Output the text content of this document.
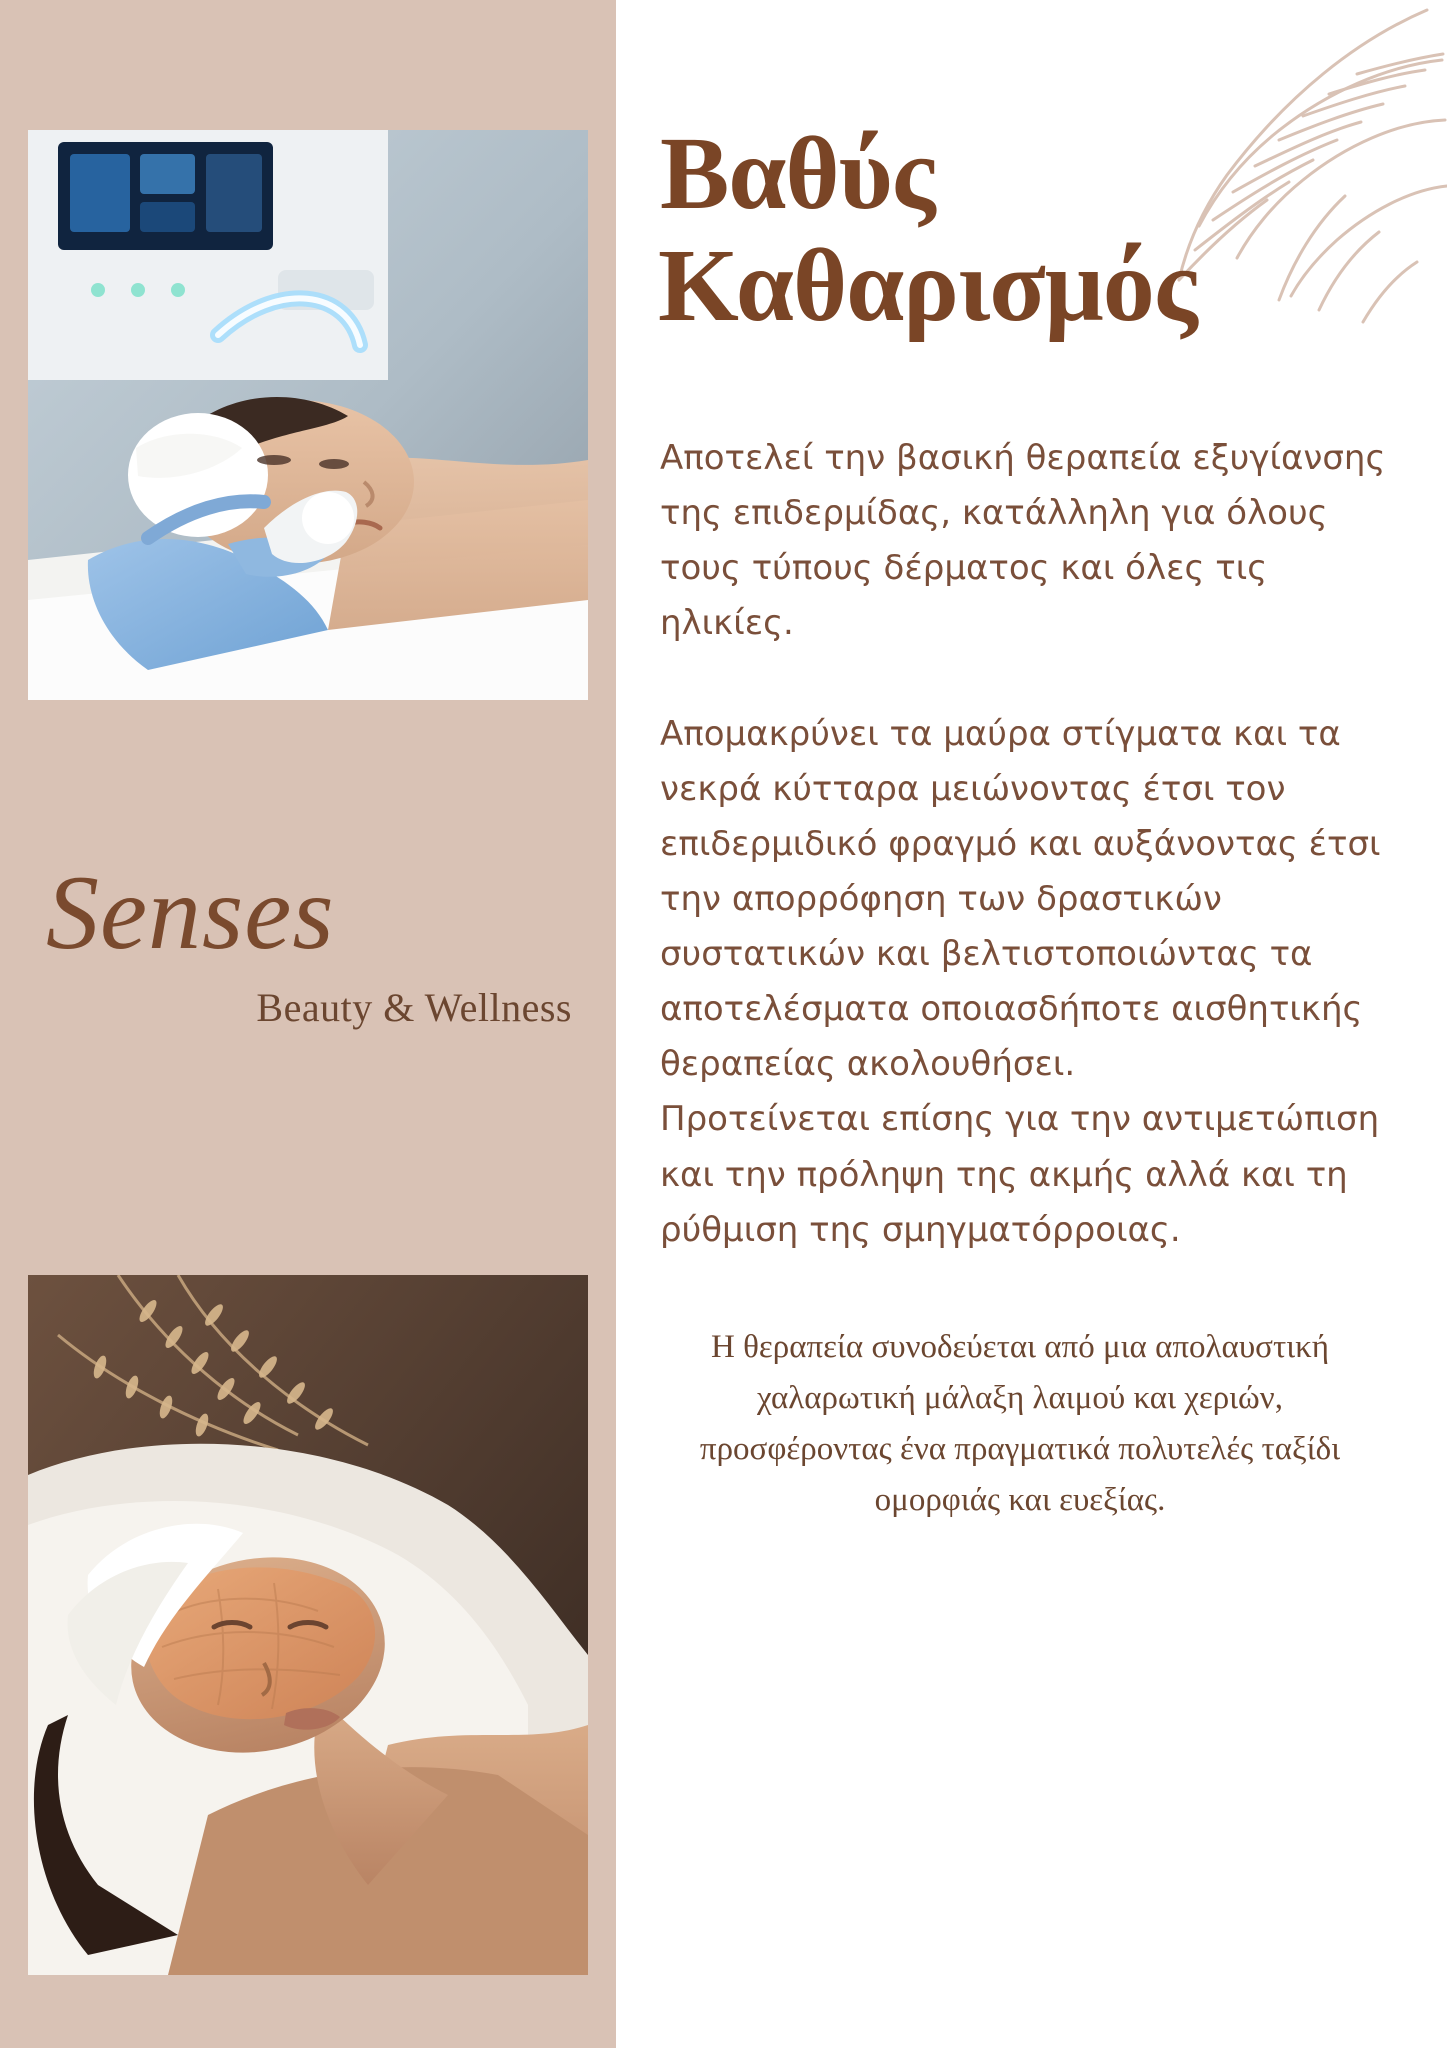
Senses
Beauty & Wellness
Βαθύς
Καθαρισμός

Αποτελεί την βασική θεραπεία εξυγίανσης της επιδερμίδας, κατάλληλη για όλους τους τύπους δέρματος και όλες τις ηλικίες.

Απομακρύνει τα μαύρα στίγματα και τα νεκρά κύτταρα μειώνοντας έτσι τον επιδερμιδικό φραγμό και αυξάνοντας έτσι την απορρόφηση των δραστικών συστατικών και βελτιστοποιώντας τα αποτελέσματα οποιασδήποτε αισθητικής θεραπείας ακολουθήσει.

Προτείνεται επίσης για την αντιμετώπιση και την πρόληψη της ακμής αλλά και τη ρύθμιση της σμηγματόρροιας.

Η θεραπεία συνοδεύεται από μια απολαυστική χαλαρωτική μάλαξη λαιμού και χεριών, προσφέροντας ένα πραγματικά πολυτελές ταξίδι ομορφιάς και ευεξίας.
